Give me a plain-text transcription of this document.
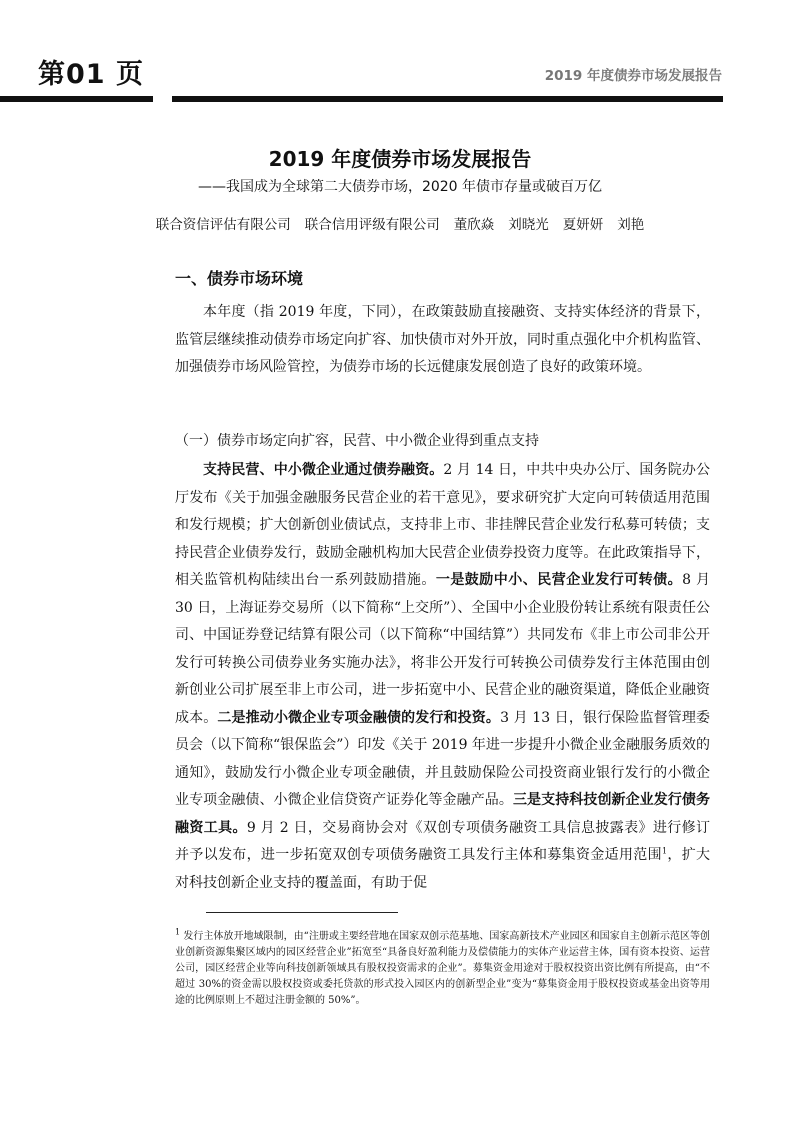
第01 页	2019 年度债券市场发展报告
2019 年度债券市场发展报告
——我国成为全球第二大债券市场，2020 年债市存量或破百万亿
联合资信评估有限公司 联合信用评级有限公司 董欣焱 刘晓光 夏妍妍 刘艳
一、债券市场环境

本年度（指 2019 年度，下同），在政策鼓励直接融资、支持实体经济的背景下，监管层继续推动债券市场定向扩容、加快债市对外开放，同时重点强化中介机构监管、加强债券市场风险管控，为债券市场的长远健康发展创造了良好的政策环境。

（一）债券市场定向扩容，民营、中小微企业得到重点支持

支持民营、中小微企业通过债券融资。2 月 14 日，中共中央办公厅、国务院办公厅发布《关于加强金融服务民营企业的若干意见》，要求研究扩大定向可转债适用范围和发行规模；扩大创新创业债试点，支持非上市、非挂牌民营企业发行私募可转债；支持民营企业债券发行，鼓励金融机构加大民营企业债券投资力度等。在此政策指导下，相关监管机构陆续出台一系列鼓励措施。一是鼓励中小、民营企业发行可转债。8 月 30 日，上海证券交易所（以下简称“上交所”）、全国中小企业股份转让系统有限责任公司、中国证券登记结算有限公司（以下简称“中国结算”）共同发布《非上市公司非公开发行可转换公司债券业务实施办法》，将非公开发行可转换公司债券发行主体范围由创新创业公司扩展至非上市公司，进一步拓宽中小、民营企业的融资渠道，降低企业融资成本。二是推动小微企业专项金融债的发行和投资。3 月 13 日，银行保险监督管理委员会（以下简称“银保监会”）印发《关于 2019 年进一步提升小微企业金融服务质效的通知》，鼓励发行小微企业专项金融债，并且鼓励保险公司投资商业银行发行的小微企业专项金融债、小微企业信贷资产证券化等金融产品。三是支持科技创新企业发行债务融资工具。9 月 2 日，交易商协会对《双创专项债务融资工具信息披露表》进行修订并予以发布，进一步拓宽双创专项债务融资工具发行主体和募集资金适用范围$^1$，扩大对科技创新企业支持的覆盖面，有助于促

$^1$ 发行主体放开地域限制，由“注册或主要经营地在国家双创示范基地、国家高新技术产业园区和国家自主创新示范区等创业创新资源集聚区域内的园区经营企业”拓宽至“具备良好盈利能力及偿债能力的实体产业运营主体，国有资本投资、运营公司，园区经营企业等向科技创新领域具有股权投资需求的企业”。募集资金用途对于股权投资出资比例有所提高，由“不超过 30%的资金需以股权投资或委托贷款的形式投入园区内的创新型企业”变为“募集资金用于股权投资或基金出资等用途的比例原则上不超过注册金额的 50%”。
